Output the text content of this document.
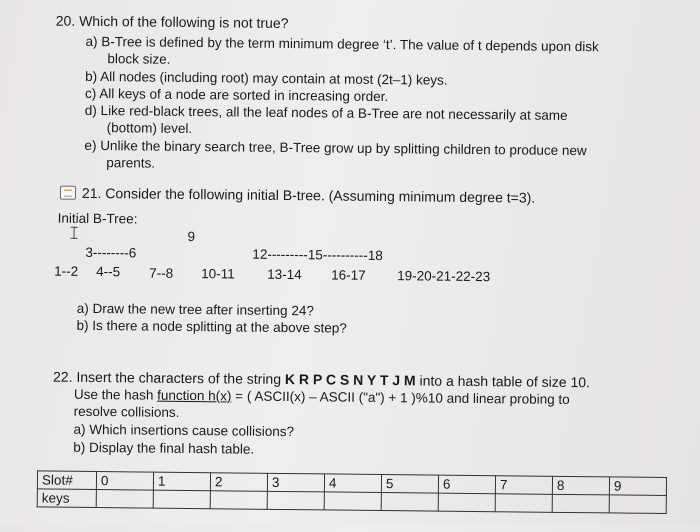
20. Which of the following is not true?
a) B-Tree is defined by the term minimum degree ‘t’. The value of t depends upon disk
block size.
b) All nodes (including root) may contain at most (2t–1) keys.
c) All keys of a node are sorted in increasing order.
d) Like red-black trees, all the leaf nodes of a B-Tree are not necessarily at same
(bottom) level.
e) Unlike the binary search tree, B-Tree grow up by splitting children to produce new
parents.
21. Consider the following initial B-tree. (Assuming minimum degree t=3).
Initial B-Tree:
9
3--------6	12---------15----------18
1--2 4--5 7--8 10-11 13-14 16-17 19-20-21-22-23
a) Draw the new tree after inserting 24?
b) Is there a node splitting at the above step?
22. Insert the characters of the string K R P C S N Y T J M into a hash table of size 10.
Use the hash function h(x) = ( ASCII(x) – ASCII ("a") + 1 )%10 and linear probing to
resolve collisions.
a) Which insertions cause collisions?
b) Display the final hash table.
Slot#	0	1	2	3	4	5	6	7	8	9
keys										
